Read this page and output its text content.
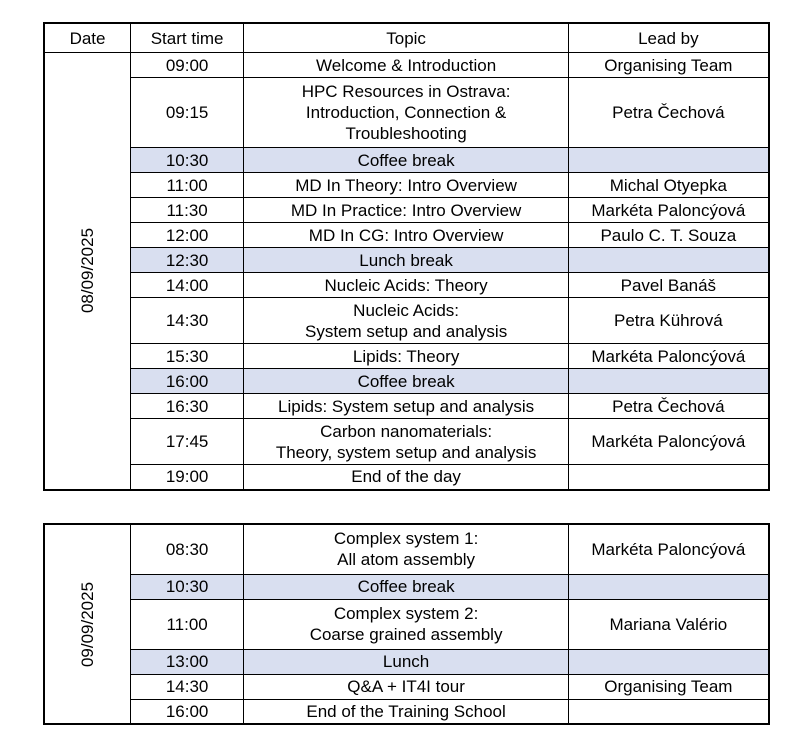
Date	Start time	Topic	Lead by
08/09/2025	09:00	Welcome & Introduction	Organising Team

	09:15	HPC Resources in Ostrava:
Introduction, Connection &
Troubleshooting	Petra Čechová

	10:30	Coffee break	

	11:00	MD In Theory: Intro Overview	Michal Otyepka

	11:30	MD In Practice: Intro Overview	Markéta Paloncýová

	12:00	MD In CG: Intro Overview	Paulo C. T. Souza

	12:30	Lunch break	

	14:00	Nucleic Acids: Theory	Pavel Banáš

	14:30	Nucleic Acids:
System setup and analysis	Petra Kührová

	15:30	Lipids: Theory	Markéta Paloncýová

	16:00	Coffee break	

	16:30	Lipids: System setup and analysis	Petra Čechová

	17:45	Carbon nanomaterials:
Theory, system setup and analysis	Markéta Paloncýová

	19:00	End of the day	

09/09/2025	08:30	Complex system 1:
All atom assembly	Markéta Paloncýová

	10:30	Coffee break	

	11:00	Complex system 2:
Coarse grained assembly	Mariana Valério

	13:00	Lunch	

	14:30	Q&A + IT4I tour	Organising Team

	16:00	End of the Training School	
